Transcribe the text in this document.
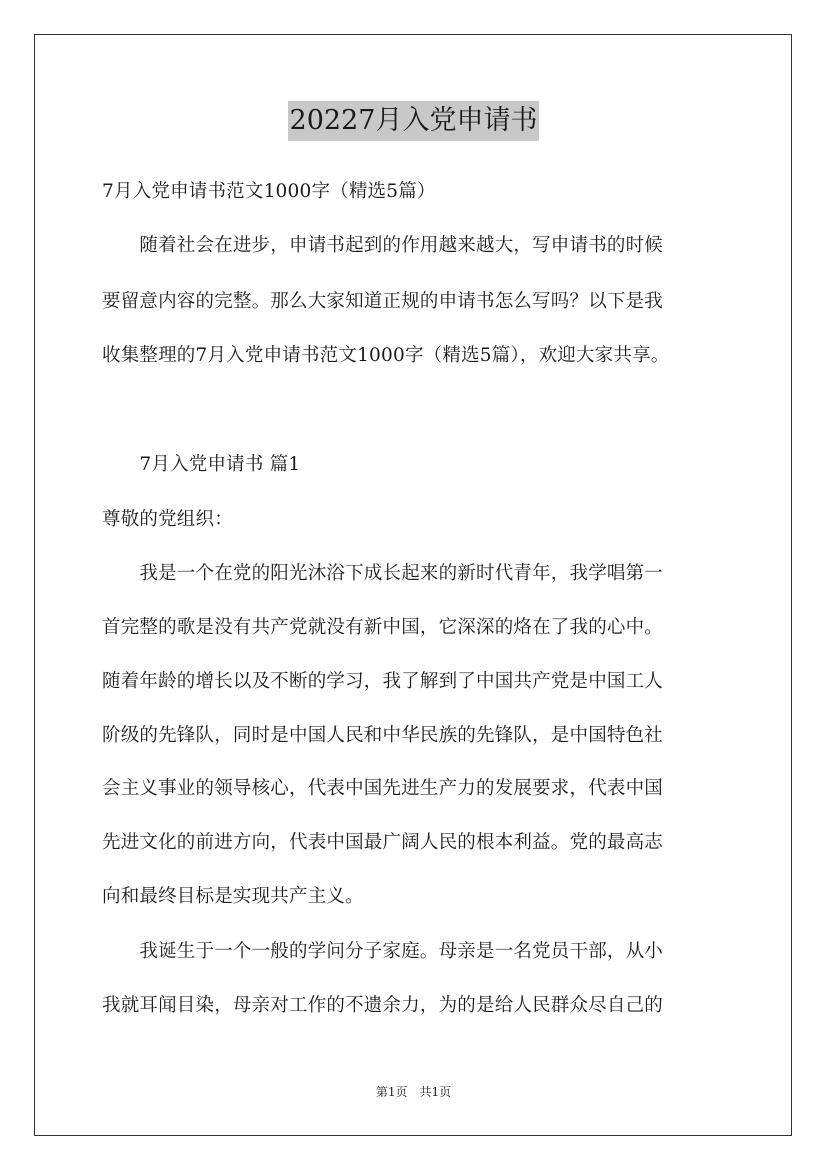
20227月入党申请书
7月入党申请书范文1000字（精选5篇）
　　随着社会在进步，申请书起到的作用越来越大，写申请书的时候
要留意内容的完整。那么大家知道正规的申请书怎么写吗？以下是我
收集整理的7月入党申请书范文1000字（精选5篇），欢迎大家共享。
　　7月入党申请书 篇1
尊敬的党组织：
　　我是一个在党的阳光沐浴下成长起来的新时代青年，我学唱第一
首完整的歌是没有共产党就没有新中国，它深深的烙在了我的心中。
随着年龄的增长以及不断的学习，我了解到了中国共产党是中国工人
阶级的先锋队，同时是中国人民和中华民族的先锋队，是中国特色社
会主义事业的领导核心，代表中国先进生产力的发展要求，代表中国
先进文化的前进方向，代表中国最广阔人民的根本利益。党的最高志
向和最终目标是实现共产主义。
　　我诞生于一个一般的学问分子家庭。母亲是一名党员干部，从小
我就耳闻目染，母亲对工作的不遗余力，为的是给人民群众尽自己的
第1页　共1页
